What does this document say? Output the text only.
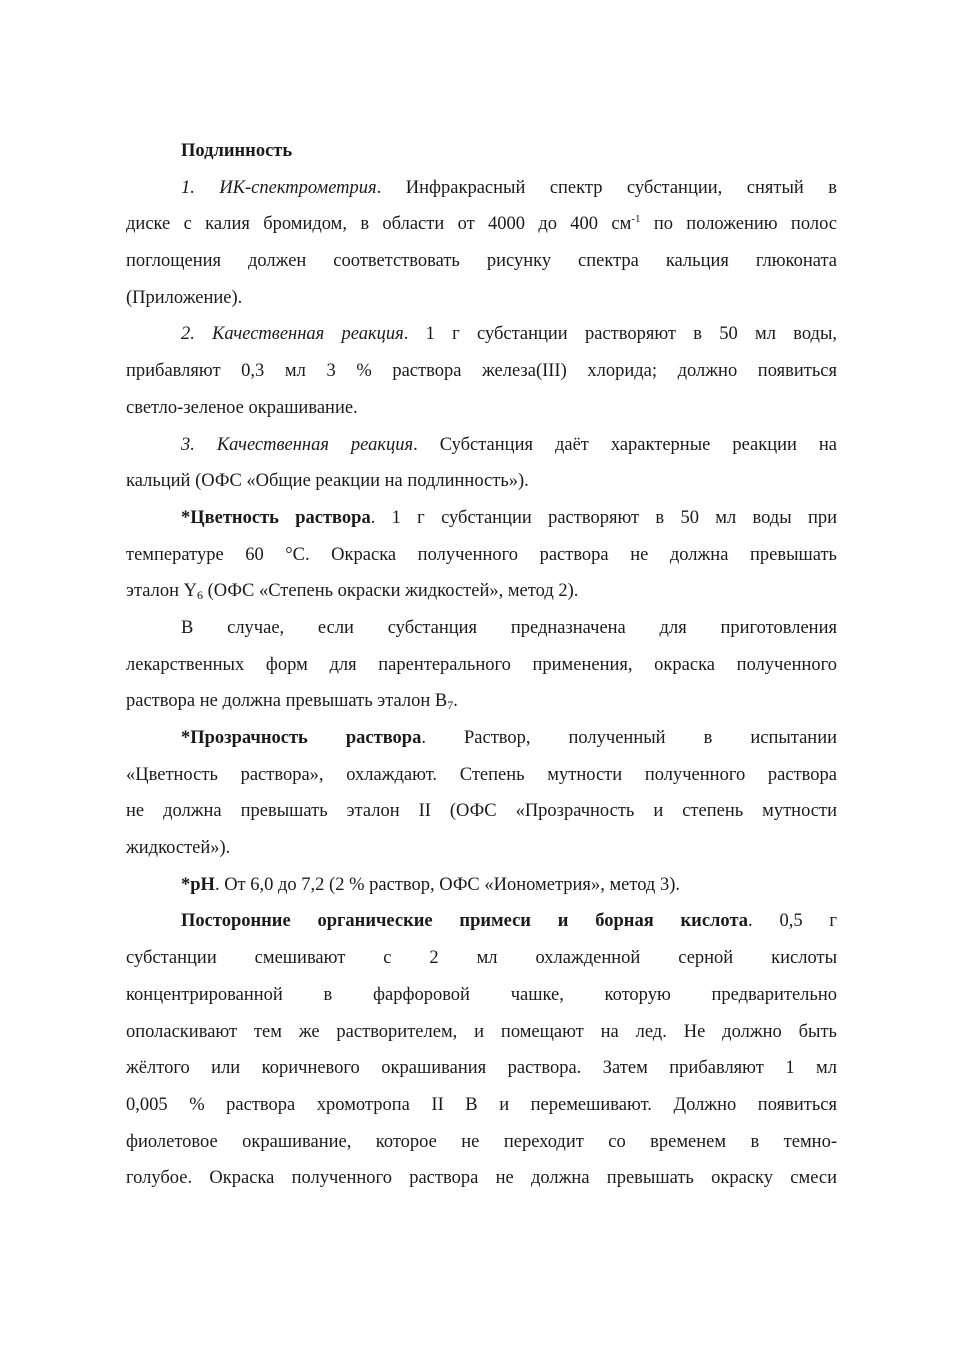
Подлинность
1. ИК-спектрометрия. Инфракрасный спектр субстанции, снятый в
диске с калия бромидом, в области от 4000 до 400 $см^{-1}$ по положению полос
поглощения должен соответствовать рисунку спектра кальция глюконата
(Приложение).
2. Качественная реакция. 1 г субстанции растворяют в 50 мл воды,
прибавляют 0,3 мл 3 % раствора железа(III) хлорида; должно появиться
светло-зеленое окрашивание.
3. Качественная реакция. Субстанция даёт характерные реакции на
кальций (ОФС «Общие реакции на подлинность»).
*Цветность раствора. 1 г субстанции растворяют в 50 мл воды при
температуре 60 °С. Окраска полученного раствора не должна превышать
эталон $Y_6$ (ОФС «Степень окраски жидкостей», метод 2).
В случае, если субстанция предназначена для приготовления
лекарственных форм для парентерального применения, окраска полученного
раствора не должна превышать эталон $B_7$.
*Прозрачность раствора. Раствор, полученный в испытании
«Цветность раствора», охлаждают. Степень мутности полученного раствора
не должна превышать эталон II (ОФС «Прозрачность и степень мутности
жидкостей»).
*pH. От 6,0 до 7,2 (2 % раствор, ОФС «Ионометрия», метод 3).
Посторонние органические примеси и борная кислота. 0,5 г
субстанции смешивают с 2 мл охлажденной серной кислоты
концентрированной в фарфоровой чашке, которую предварительно
ополаскивают тем же растворителем, и помещают на лед. Не должно быть
жёлтого или коричневого окрашивания раствора. Затем прибавляют 1 мл
0,005 % раствора хромотропа II В и перемешивают. Должно появиться
фиолетовое окрашивание, которое не переходит со временем в темно-
голубое. Окраска полученного раствора не должна превышать окраску смеси
